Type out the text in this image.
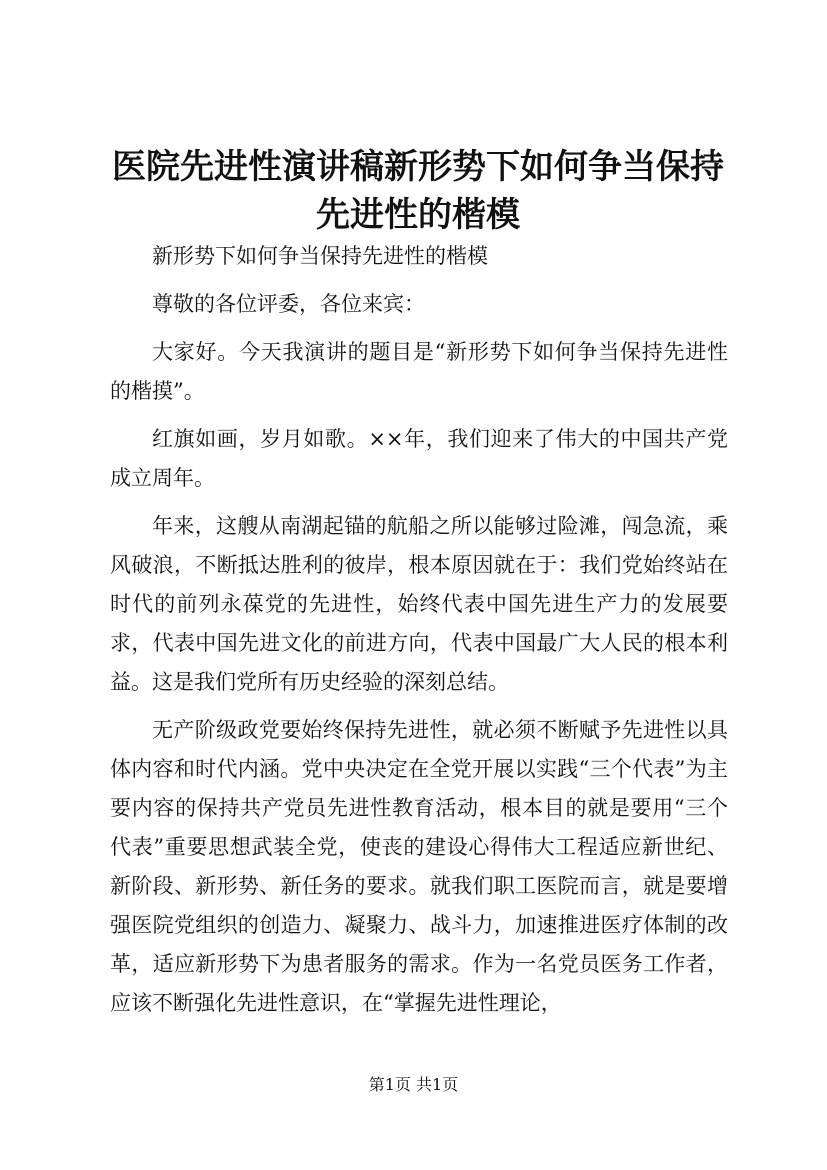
医院先进性演讲稿新形势下如何争当保持先进性的楷模

新形势下如何争当保持先进性的楷模

尊敬的各位评委，各位来宾：

大家好。今天我演讲的题目是“新形势下如何争当保持先进性的楷摸”。

红旗如画，岁月如歌。××年，我们迎来了伟大的中国共产党成立周年。

年来，这艘从南湖起锚的航船之所以能够过险滩，闯急流，乘风破浪，不断抵达胜利的彼岸，根本原因就在于：我们党始终站在时代的前列永葆党的先进性，始终代表中国先进生产力的发展要求，代表中国先进文化的前进方向，代表中国最广大人民的根本利益。这是我们党所有历史经验的深刻总结。

无产阶级政党要始终保持先进性，就必须不断赋予先进性以具体内容和时代内涵。党中央决定在全党开展以实践“三个代表”为主要内容的保持共产党员先进性教育活动，根本目的就是要用“三个代表”重要思想武装全党，使丧的建设心得伟大工程适应新世纪、新阶段、新形势、新任务的要求。就我们职工医院而言，就是要增强医院党组织的创造力、凝聚力、战斗力，加速推进医疗体制的改革，适应新形势下为患者服务的需求。作为一名党员医务工作者，应该不断强化先进性意识，在“掌握先进性理论，

第1页 共1页
